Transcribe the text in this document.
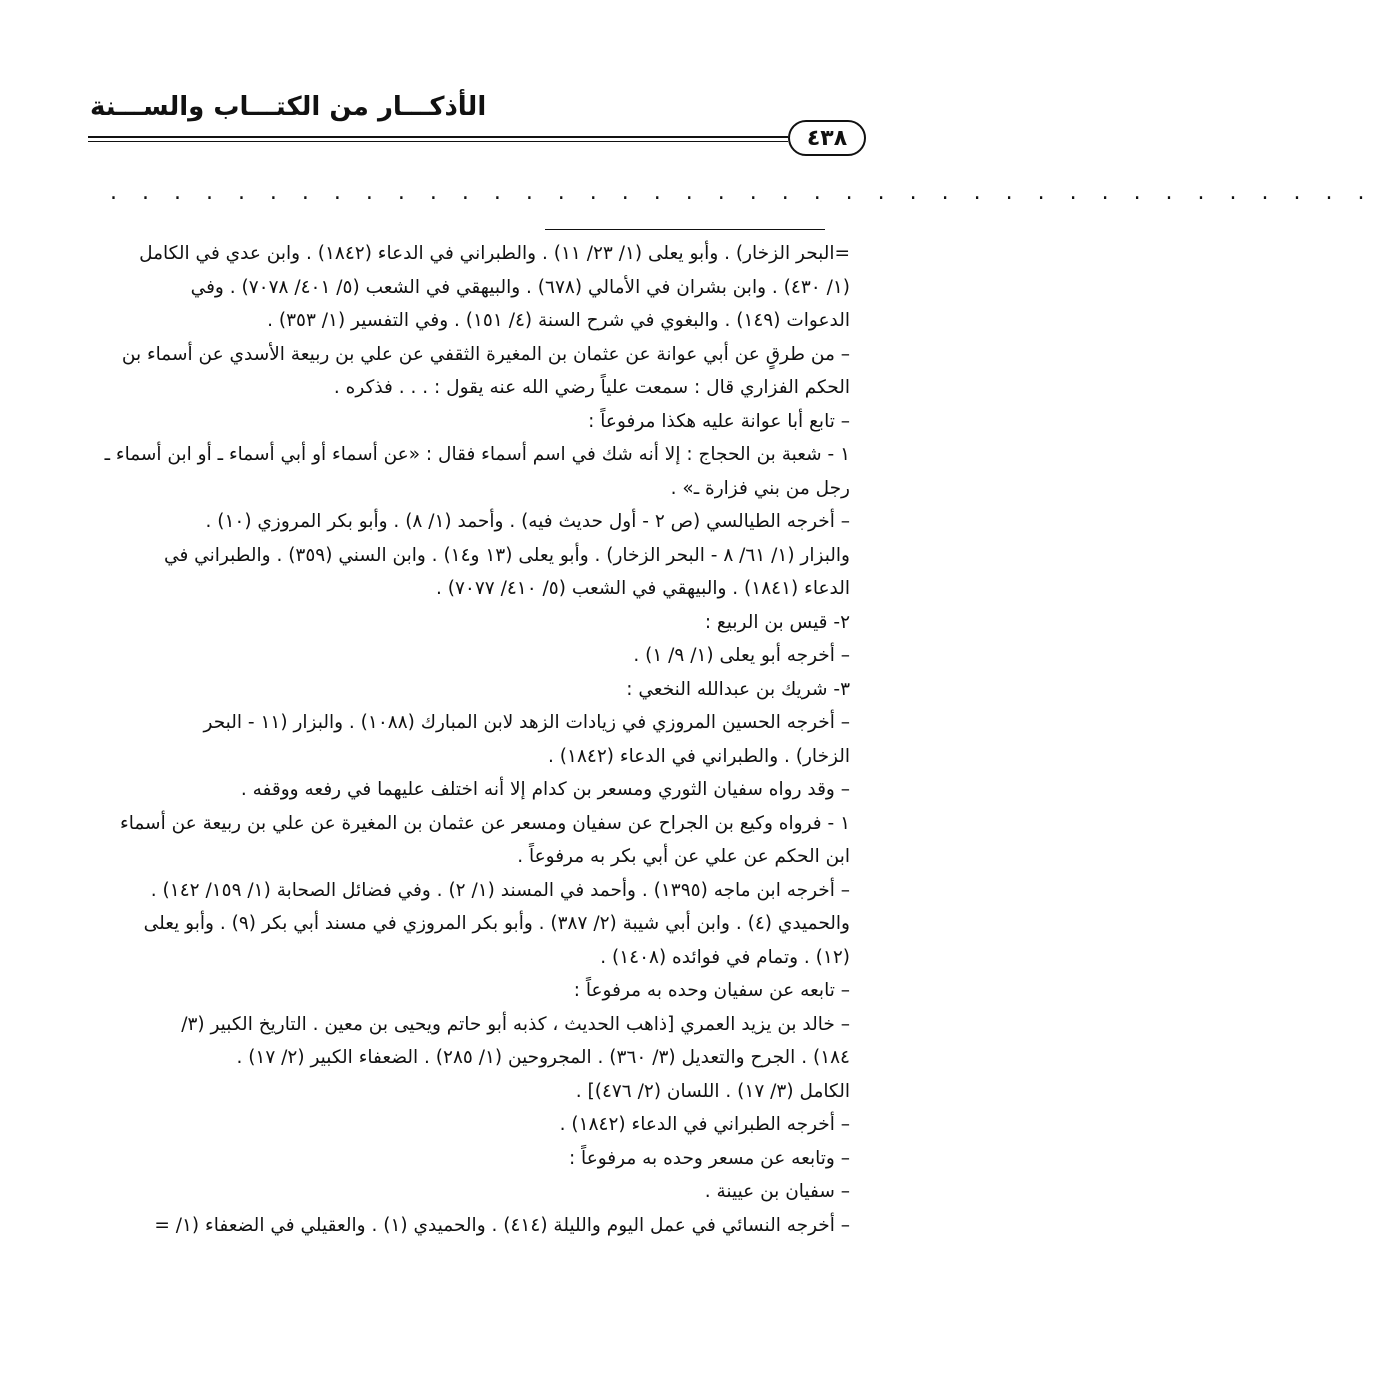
الأذكـــار من الكتـــاب والســـنة
٤٣٨
. . . . . . . . . . . . . . . . . . . . . . . . . . . . . . . . . . . . . . . .
=البحر الزخار) . وأبو يعلى (١/ ٢٣/ ١١) . والطبراني في الدعاء (١٨٤٢) . وابن عدي في الكامل
(١/ ٤٣٠) . وابن بشران في الأمالي (٦٧٨) . والبيهقي في الشعب (٥/ ٤٠١/ ٧٠٧٨) . وفي
الدعوات (١٤٩) . والبغوي في شرح السنة (٤/ ١٥١) . وفي التفسير (١/ ٣٥٣) .
– من طرقٍ عن أبي عوانة عن عثمان بن المغيرة الثقفي عن علي بن ربيعة الأسدي عن أسماء بن
الحكم الفزاري قال : سمعت علياً رضي الله عنه يقول : . . . فذكره .
– تابع أبا عوانة عليه هكذا مرفوعاً :
١ - شعبة بن الحجاج : إلا أنه شك في اسم أسماء فقال : «عن أسماء أو أبي أسماء ـ أو ابن أسماء ـ
رجل من بني فزارة ـ» .
– أخرجه الطيالسي (ص ٢ - أول حديث فيه) . وأحمد (١/ ٨) . وأبو بكر المروزي (١٠) .
والبزار (١/ ٦١/ ٨ - البحر الزخار) . وأبو يعلى (١٣ و١٤) . وابن السني (٣٥٩) . والطبراني في
الدعاء (١٨٤١) . والبيهقي في الشعب (٥/ ٤١٠/ ٧٠٧٧) .
٢- قيس بن الربيع :
– أخرجه أبو يعلى (١/ ٩/ ١) .
٣- شريك بن عبدالله النخعي :
– أخرجه الحسين المروزي في زيادات الزهد لابن المبارك (١٠٨٨) . والبزار (١١ - البحر
الزخار) . والطبراني في الدعاء (١٨٤٢) .
– وقد رواه سفيان الثوري ومسعر بن كدام إلا أنه اختلف عليهما في رفعه ووقفه .
١ - فرواه وكيع بن الجراح عن سفيان ومسعر عن عثمان بن المغيرة عن علي بن ربيعة عن أسماء
ابن الحكم عن علي عن أبي بكر به مرفوعاً .
– أخرجه ابن ماجه (١٣٩٥) . وأحمد في المسند (١/ ٢) . وفي فضائل الصحابة (١/ ١٥٩/ ١٤٢) .
والحميدي (٤) . وابن أبي شيبة (٢/ ٣٨٧) . وأبو بكر المروزي في مسند أبي بكر (٩) . وأبو يعلى
(١٢) . وتمام في فوائده (١٤٠٨) .
– تابعه عن سفيان وحده به مرفوعاً :
– خالد بن يزيد العمري [ذاهب الحديث ، كذبه أبو حاتم ويحيى بن معين . التاريخ الكبير (٣/
١٨٤) . الجرح والتعديل (٣/ ٣٦٠) . المجروحين (١/ ٢٨٥) . الضعفاء الكبير (٢/ ١٧) .
الكامل (٣/ ١٧) . اللسان (٢/ ٤٧٦)] .
– أخرجه الطبراني في الدعاء (١٨٤٢) .
– وتابعه عن مسعر وحده به مرفوعاً :
– سفيان بن عيينة .
– أخرجه النسائي في عمل اليوم والليلة (٤١٤) . والحميدي (١) . والعقيلي في الضعفاء (١/ =
